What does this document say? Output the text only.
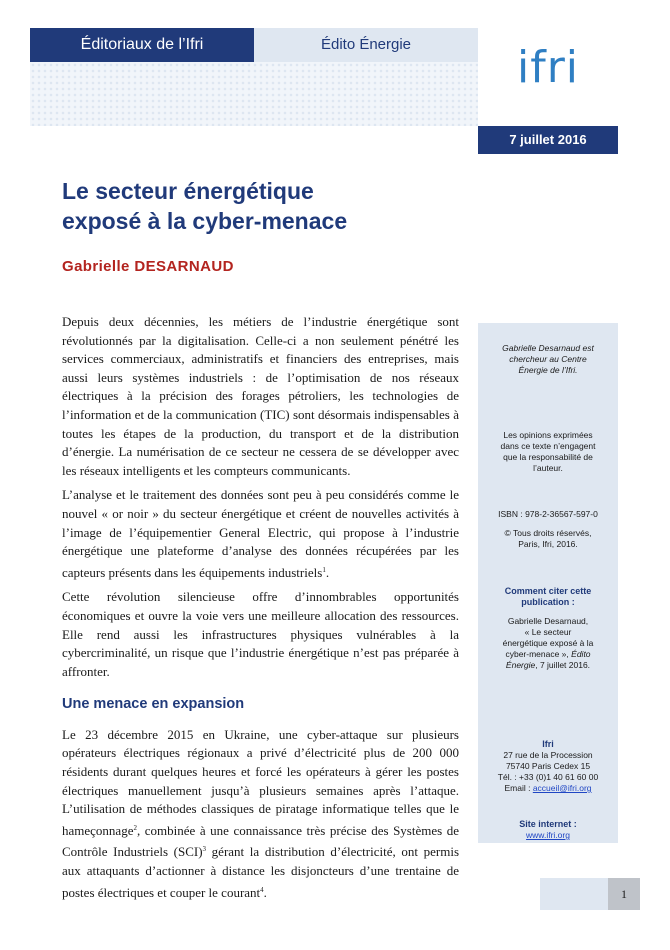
Éditoriaux de l’Ifri	Édito Énergie	ifri
7 juillet 2016
Le secteur énergétique
exposé à la cyber-menace
Gabrielle DESARNAUD

Depuis deux décennies, les métiers de l’industrie énergétique sont révolutionnés par la digitalisation. Celle-ci a non seulement pénétré les services commerciaux, administratifs et financiers des entreprises, mais aussi leurs systèmes industriels : de l’optimisation de nos réseaux électriques à la précision des forages pétroliers, les technologies de l’information et de la communication (TIC) sont désormais indispensables à toutes les étapes de la production, du transport et de la distribution d’énergie. La numérisation de ce secteur ne cessera de se développer avec les réseaux intelligents et les compteurs communicants.

L’analyse et le traitement des données sont peu à peu considérés comme le nouvel « or noir » du secteur énergétique et créent de nouvelles activités à l’image de l’équipementier General Electric, qui propose à l’industrie énergétique une plateforme d’analyse des données récupérées par les capteurs présents dans les équipements industriels$^1$.

Cette révolution silencieuse offre d’innombrables opportunités économiques et ouvre la voie vers une meilleure allocation des ressources. Elle rend aussi les infrastructures physiques vulnérables à la cybercriminalité, un risque que l’industrie énergétique n’est pas préparée à affronter.

Une menace en expansion

Le 23 décembre 2015 en Ukraine, une cyber-attaque sur plusieurs opérateurs électriques régionaux a privé d’électricité plus de 200 000 résidents durant quelques heures et forcé les opérateurs à gérer les postes électriques manuellement jusqu’à plusieurs semaines après l’attaque. L’utilisation de méthodes classiques de piratage informatique telles que le hameçonnage$^2$, combinée à une connaissance très précise des Systèmes de Contrôle Industriels (SCI)$^3$ gérant la distribution d’électricité, ont permis aux attaquants d’actionner à distance les disjoncteurs d’une trentaine de postes électriques et couper le courant$^4$.

Gabrielle Desarnaud est
chercheur au Centre
Énergie de l’Ifri.
Les opinions exprimées
dans ce texte n’engagent
que la responsabilité de
l’auteur.
ISBN : 978-2-36567-597-0
© Tous droits réservés,
Paris, Ifri, 2016.
Comment citer cette
publication :
Gabrielle Desarnaud,
« Le secteur
énergétique exposé à la
cyber-menace », Édito
Énergie, 7 juillet 2016.
Ifri
27 rue de la Procession
75740 Paris Cedex 15
Tél. : +33 (0)1 40 61 60 00
Email : accueil@ifri.org
Site internet :
www.ifri.org
1
